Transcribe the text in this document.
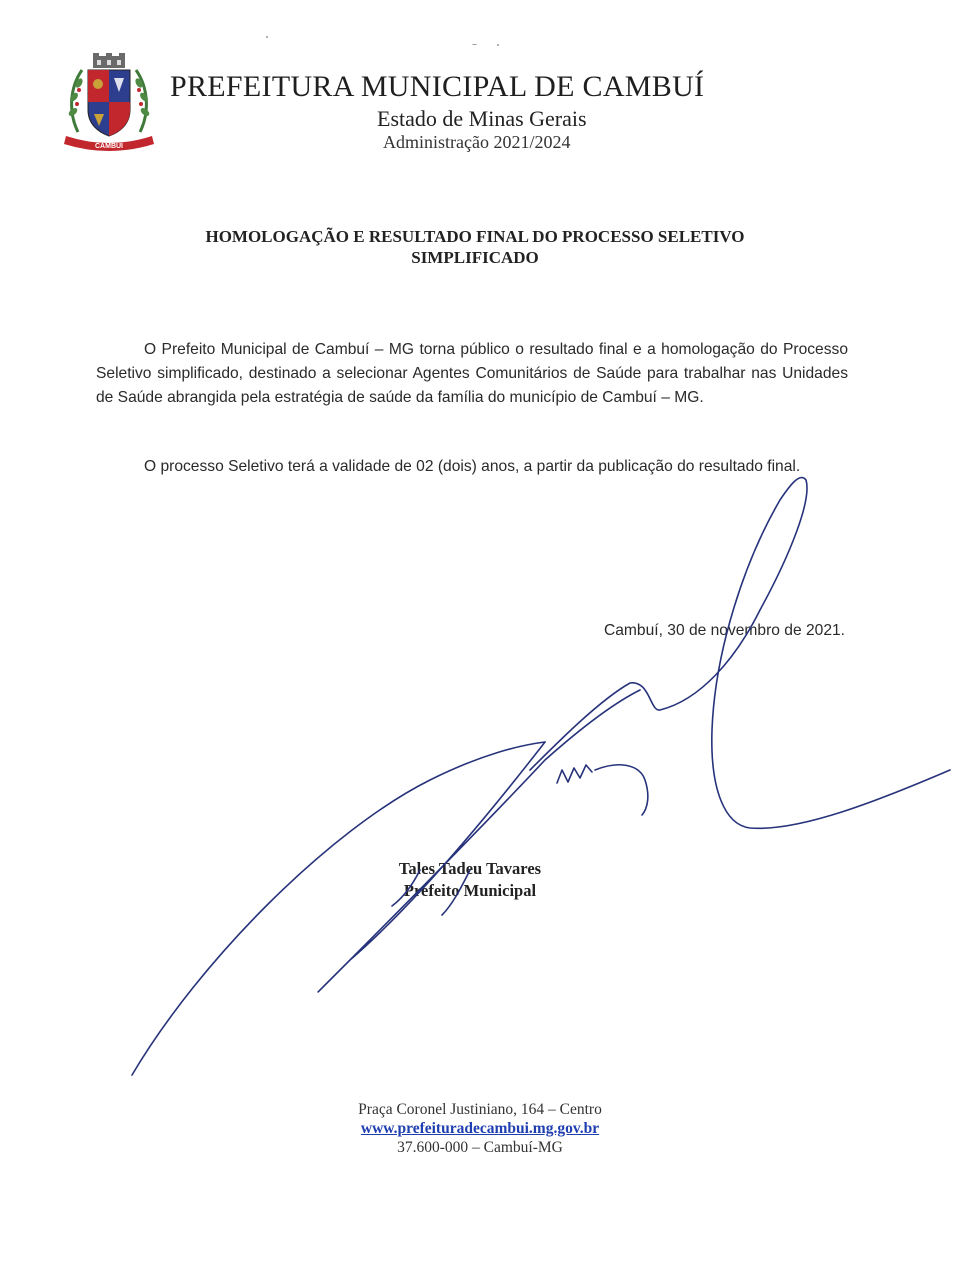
CAMBUÍ
PREFEITURA MUNICIPAL DE CAMBUÍ
Estado de Minas Gerais
Administração 2021/2024
HOMOLOGAÇÃO E RESULTADO FINAL DO PROCESSO SELETIVO
SIMPLIFICADO

O Prefeito Municipal de Cambuí – MG torna público o resultado final e a homologação do Processo Seletivo simplificado, destinado a selecionar Agentes Comunitários de Saúde para trabalhar nas Unidades de Saúde abrangida pela estratégia de saúde da família do município de Cambuí – MG.

O processo Seletivo terá a validade de 02 (dois) anos, a partir da publicação do resultado final.

Cambuí, 30 de novembro de 2021.
Tales Tadeu Tavares
Prefeito Municipal
Praça Coronel Justiniano, 164 – Centro
www.prefeituradecambui.mg.gov.br
37.600-000 – Cambuí-MG
